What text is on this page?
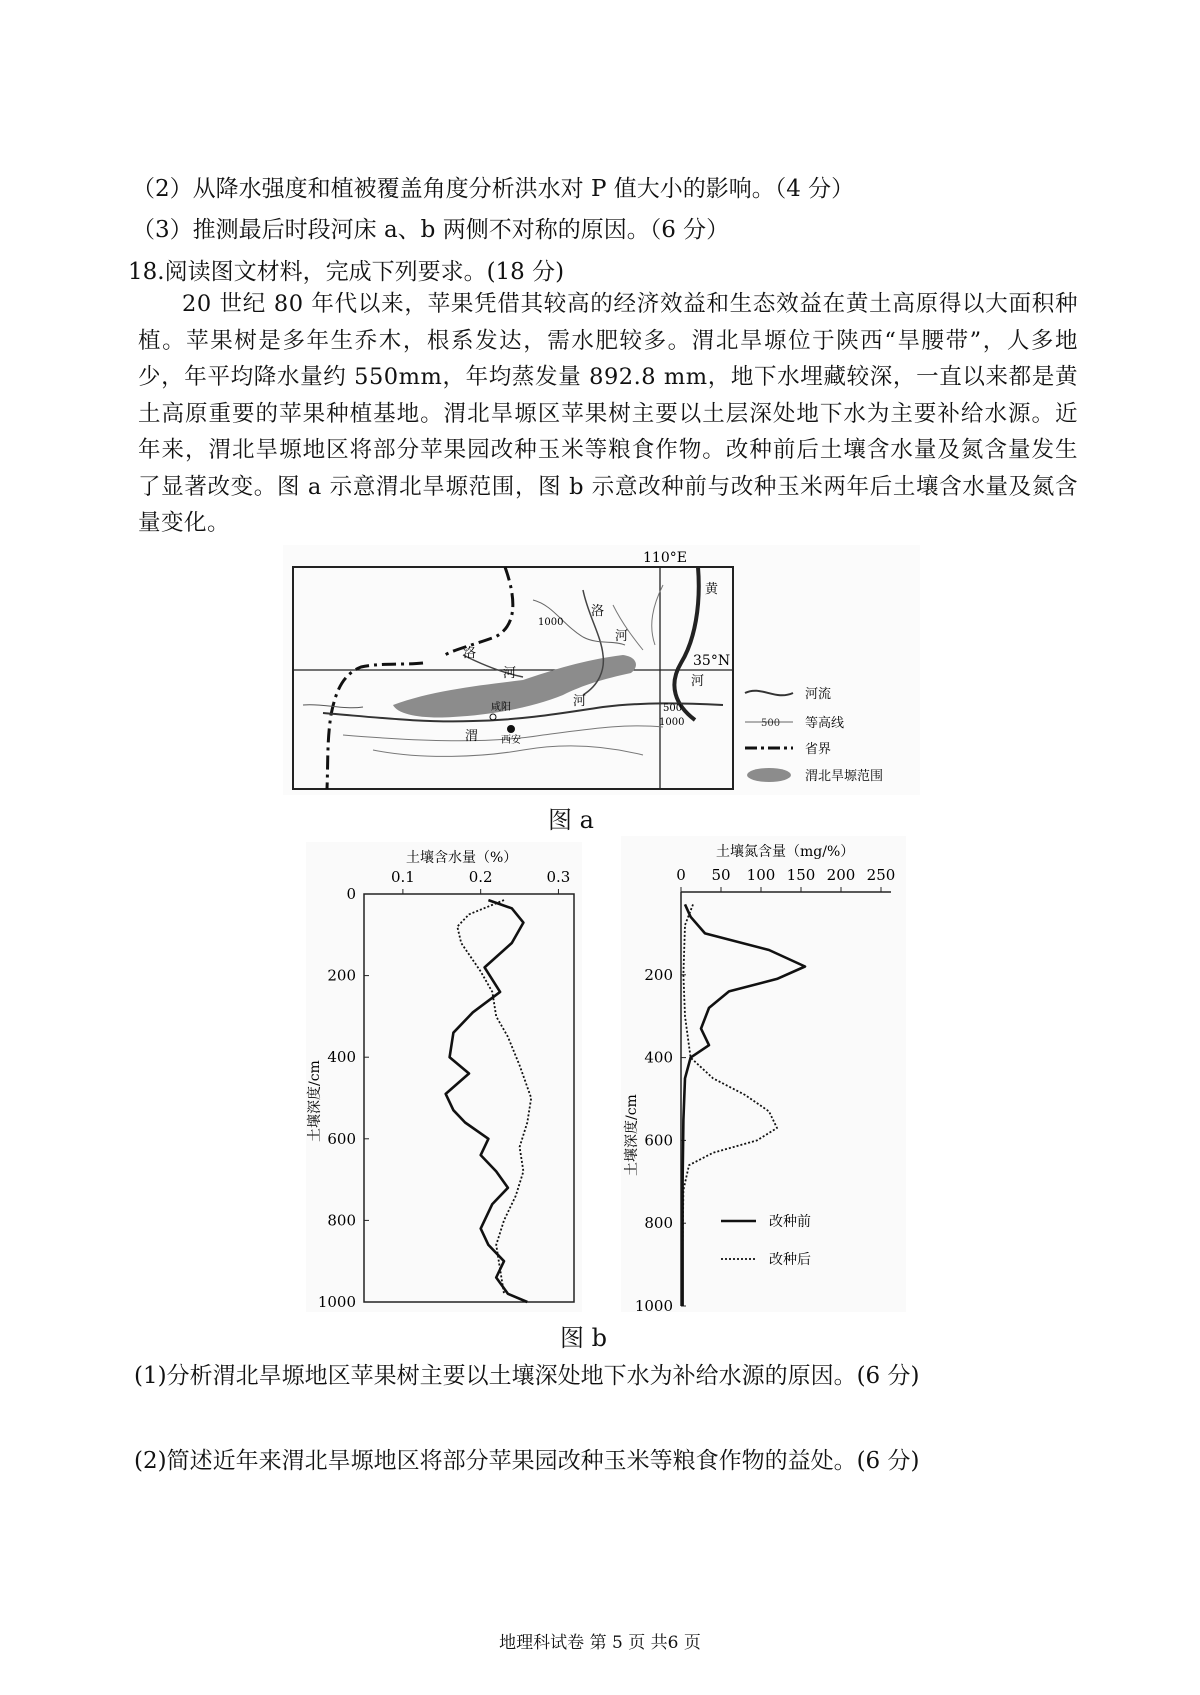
（2）从降水强度和植被覆盖角度分析洪水对 P 值大小的影响。（4 分）
（3）推测最后时段河床 a、b 两侧不对称的原因。（6 分）
18.阅读图文材料，完成下列要求。(18 分)
20 世纪 80 年代以来，苹果凭借其较高的经济效益和生态效益在黄土高原得以大面积种植。苹果树是多年生乔木，根系发达，需水肥较多。渭北旱塬位于陕西“旱腰带”，人多地少，年平均降水量约 550mm，年均蒸发量 892.8 mm，地下水埋藏较深，一直以来都是黄土高原重要的苹果种植基地。渭北旱塬区苹果树主要以土层深处地下水为主要补给水源。近年来，渭北旱塬地区将部分苹果园改种玉米等粮食作物。改种前后土壤含水量及氮含量发生了显著改变。图 a 示意渭北旱塬范围，图 b 示意改种前与改种玉米两年后土壤含水量及氮含量变化。
110°E
35°N
黄
洛
河
洛
河
河
渭
河
咸阳
西安
1000
500
1000
河流
500 等高线
省界
渭北旱塬范围
图 a
土壤含水量（%）
土壤深度/cm
0.1	0.2	0.3
0
200
400
600
800
1000
土壤氮含量（mg/%）
土壤深度/cm
0 50 100 150 200 250
200
400
600
800
1000
改种前
改种后
图 b
(1)分析渭北旱塬地区苹果树主要以土壤深处地下水为补给水源的原因。(6 分)
(2)简述近年来渭北旱塬地区将部分苹果园改种玉米等粮食作物的益处。(6 分)
地理科试卷 第 5 页 共6 页
